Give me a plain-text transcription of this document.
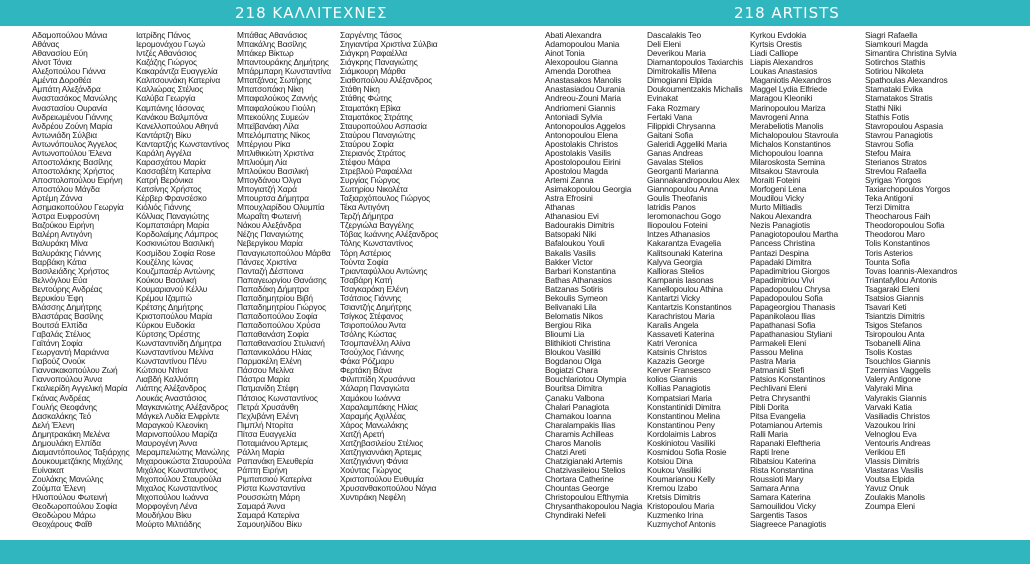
218 ΚΑΛΛΙΤΕΧΝΕΣ	218 ARTISTS
Αδαμοπούλου Μάνια
Αθάνας
Αθανασίου Εύη
Αίνοτ Τόνια
Αλεξοπούλου Γιάννα
Αμέντα Δοροθέα
Αμπάτη Αλεξάνδρα
Αναστασάκος Μανώλης
Αναστασίου Ουρανία
Ανδρειωμένου Γιάννης
Ανδρέου Ζούνη Μαρία
Αντωνιάδη Σύλβια
Αντωνόπουλος Άγγελος
Αντωνοπούλου Έλενα
Αποστολάκης Βασίλης
Αποστολάκης Χρήστος
Αποστολοπούλου Ειρήνη
Αποστόλου Μάγδα
Αρτέμη Ζάννα
Ασημακοπούλου Γεωργία
Άστρα Ευφροσύνη
Βαζούκου Ειρήνη
Βαλέρη Αντιγόνη
Βαλυράκη Μίνα
Βαλυράκης Γιάννης
Βαρβάκη Κάτια
Βασιλειάδης Χρήστος
Βελνόγλου Εύα
Βεντούρης Ανδρέας
Βερυκίου Έφη
Βλάσσης Δημήτρης
Βλαστάρας Βασίλης
Βουτσά Ελπίδα
Γαβαλάς Στέλιος
Γαϊτάνη Σοφία
Γεωργαντή Μαριάννα
Γιαβούζ Ονούκ
Γιαννακακοπούλου Ζωή
Γιαννοπούλου Άννα
Γκαλιερίδη Αγγελική Μαρία
Γκάνας Ανδρέας
Γουλής Θεοφάνης
Δασκαλάκης Τεό
Δελή Έλενη
Δημητρακάκη Μελένα
Δημουλάκη Ελπίδα
Διαμαντόπουλος Ταξιάρχης
Δουκουμετζάκης Μιχάλης
Ευίνακατ
Ζουλάκης Μανώλης
Ζούμπα Έλενη
Ηλιοπούλου Φωτεινή
Θεοδωροπούλου Σοφία
Θεοδώρου Μάρω
Θεοχάρους Φαΐθ
Ιατρίδης Πάνος
Ιερομονάχου Γωγώ
Ιντζές Αθανάσιος
Καζάζης Γιώργος
Κακαράντζα Ευαγγελία
Καλιτσουνάκη Κατερίνα
Καλλιώρας Στέλιος
Καλύβα Γεωργία
Καμπάνης Ιάσονας
Κανάκου Βαλμπόνα
Κανελλοπούλου Αθηνά
Καντάρτζη Βίκυ
Κανταρτζής Κωνσταντίνος
Καράλη Αγγέλα
Καρασχάτου Μαρία
Κασσαβέτη Κατερίνα
Κατρή Βερόνικα
Κατσίνης Χρήστος
Κέρβερ Φρανσέσκο
Κιόλιός Γιάννης
Κόλλιας Παναγιώτης
Κομπατσιάρη Μαρία
Κορδολαίμης Λάμπρος
Κοσκινιώτου Βασιλική
Κοσμίδου Σοφία Rose
Κουζέλης Ιώνας
Κουζμπασέρ Αντώνης
Κούκου Βασιλική
Κουμαριανού Κέλλυ
Κρέμου Ιζαμπώ
Κρέτσης Δημήτρης
Κριστοπούλου Μαρία
Κύρκου Ευδοκία
Κύρτσης Όρέστης
Κωνσταντινίδη Δήμητρα
Κωνσταντίνου Μελίνα
Κωνσταντίνου Πένυ
Κώτσιου Ντίνα
Λιαβδή Καλλιόπη
Λιάπης Αλέξανδρος
Λουκάς Αναστάσιος
Μαγκανιώτης Αλέξανδρος
Μάγκελ Λυδία Ελφρίντε
Μαραγκού Κλεονίκη
Μαρινοπούλου Μαρίζα
Μαυρογένη Άννα
Μεραμπελιώτης Μανώλης
Μιχαρουκώστα Σταυρούλα
Μιχάλος Κωνσταντίνος
Μιχοπούλου Σταυρούλα
Μιχαλος Κωνσταντίνος
Μιχοπούλου Ιωάννα
Μορφογένη Λένα
Μουδήλου Βίκυ
Μούρτο Μιλτιάδης
Μπάθας Αθανάσιος
Μπακάλης Βασίλης
Μπάκερ Βίκτωρ
Μπαντουράκης Δημήτρης
Μπάρμπαρη Κωνσταντίνα
Μπατζάνας Σωτήρης
Μπατσοπάκη Νίκη
Μπαφαλούκος Ζαννής
Μπαφαλούκου Γιούλη
Μπεκούλης Συμεών
Μπεϊβανάκη Λίλα
Μπελόμπατης Νίκος
Μπέργιου Ρίκα
Μπλιθικιώτη Χριστίνα
Μπλιούμη Λία
Μπλούκου Βασιλική
Μπογδάνου Όλγα
Μπογιατζή Χαρά
Μπουρτσα Δήμητρα
Μπουχλαρίδου Ολυμπία
Μωραΐτη Φωτεινή
Νάκου Αλεξάνδρα
Νέζης Παναγιώτης
Νεβεργίκου Μαρία
Παναγιωτοπούλου Μάρθα
Πάνσες Χριστίνα
Πανταζή Δέσποινα
Παπαγεωργίου Θανάσης
Παπαδάκη Δήμητρα
Παπαδημητρίου Βιβή
Παπαδημητρίου Γιώργος
Παπαδοπούλου Σοφία
Παπαδοπούλου Χρύσα
Παπαθανάση Σοφία
Παπαθανασίου Στυλιανή
Παπανικολάου Ηλίας
Παρμακέλη Ελένη
Πάσσου Μελίνα
Πάστρα Μαρία
Πατμανίδη Στέφη
Πάτσιος Κωνσταντίνος
Πετρά Χρυσάνθη
Πεχλιβάνη Ελένη
Πιμπλή Ντορίτα
Πίτσα Ευαγγελία
Ποταμιάνου Άρτεμις
Ράλλη Μαρία
Ραπανάκη Ελευθερία
Ράπτη Ειρήνη
Ριμπατσιού Κατερίνα
Ρίστα Κωνσταντίνα
Ρουσσιώτη Μάρη
Σαμαρά Άννα
Σαμαρά Κατερίνα
Σαμουηλίδου Βίκυ
Σαργέντης Τάσος
Σηγιαντίρα Χριστίνα Σύλβια
Σιάγκρη Ραφαέλλα
Σιάγκρης Παναγιώτης
Σιάμκουρη Μάρθα
Σιαθοπούλου Αλέξανδρος
Στάθη Νίκη
Στάθης Φώτης
Σταματάκη Εβίκα
Σταματάκος Στράτης
Σταυροπούλου Ασπασία
Σταύρου Παναγιώτης
Σταύρου Σοφία
Στεριανός Στράτος
Στέφου Μάιρα
Στρεβλού Ραφαέλλα
Συργίας Γιώργος
Σωτηρίου Νικολέτα
Ταξιαρχόπουλος Γιώργος
Τέκα Αντιγόνη
Τερζή Δήμητρα
Τζεργιώλα Βαγγέλης
Τόβας Ιωάννης Αλέξανδρος
Τόλης Κωνσταντίνος
Τόρη Αστέριος
Τούντα Σοφία
Τριανταφύλλου Αντώνης
Τσαβάρη Κατή
Τσαγκαράκη Ελένη
Τσάτσιος Γιάννης
Τσιαντζής Δημήτρης
Τσίγκος Στέφανος
Τσιροπούλου Άντα
Τσόλης Κώστας
Τσομπανέλλη Αλίνα
Τσούχλος Γιάννης
Φάκα Ρόζμαρυ
Φερτάκη Βάνα
Φιλιππίδη Χρυσάννα
Χάλαρη Παναγιώτα
Χαμάκου Ιωάννα
Χαραλαμπάκης Ηλίας
Χαραμής Αχιλλέας
Χάρος Μανωλάκης
Χατζή Αρετή
Χατζηβασιλείου Στέλιος
Χατζηγιαννάκη Άρτεμις
Χατζηγιάννη Φάνια
Χούντας Γιώργος
Χριστοπούλου Ευθυμία
Χρυσανθακοπούλου Νάγια
Χυντιράκη Νεφέλη
Abati Alexandra
Adamopoulou Mania
Ainot Tonia
Alexopoulou Gianna
Amenda Dorothea
Anastasakos Manolis
Anastasiadou Ourania
Andreou-Zouni Maria
Andriomeni Giannis
Antoniadi Sylvia
Antonopoulos Aggelos
Antonopoulou Elena
Apostolakis Christos
Apostolakis Vasilis
Apostolopoulou Eirini
Apostolou Magda
Artemi Zanna
Asimakopoulou Georgia
Astra Efrosini
Athanas
Athanasiou Evi
Badourakis Dimitris
Batsopaki Niki
Bafaloukou Youli
Bakalis Vasilis
Bakker Victor
Barbari Konstantina
Bathas Athanasios
Batzanas Sotiris
Bekoulis Symeon
Belivanaki Lila
Belomatis Nikos
Bergiou Rika
Blioumi Lia
Blithikioti Christina
Bloukou Vasiliki
Bogdanou Olga
Bogiatzi Chara
Bouchlariotou Olympia
Bouritsa Dimitra
Çanaku Valbona
Chalari Panagiota
Chamakou Ioanna
Charalampakis Ilias
Charamis Achilleas
Charos Manolis
Chatzi Areti
Chatzigianaki Artemis
Chatzivasileiou Stelios
Chortara Catherine
Chountas George
Christopoulou Efthymia
Chrysanthakopoulou Nagia
Chyndiraki Nefeli
Dascalakis Teo
Deli Eleni
Deverikou Maria
Diamantopoulos Taxiarchis
Dimitrokallis Milena
Dimogianni Elpida
Doukoumentzakis Michalis
Evinakat
Faka Rozmary
Fertaki Vana
Filippidi Chrysanna
Gaitani Sofia
Galeridi Aggeliki Maria
Ganas Andreas
Gavalas Stelios
Georganti Marianna
Giannakandropoulou Alex
Giannopoulou Anna
Goulis Theofanis
Iatridis Panos
Ieromonachou Gogo
Iliopoulou Foteini
Intzes Athanasios
Kakarantza Evagelia
Kalitsounaki Katerina
Kalyva Georgia
Kallioras Stelios
Kampanis Iasonas
Kanellopoulou Athina
Kantartzi Vicky
Kantartzis Konstantinos
Karachristou Maria
Karalis Angela
Kassaveti Katerina
Katri Veronica
Katsinis Christos
Kazazis George
Kerver Fransesco
kolios Giannis
Kollias Panagiotis
Kompatsiari Maria
Konstantinidi Dimitra
Konstantinou Melina
Konstantinou Peny
Kordolaimis Labros
Koskiniotou Vasiliki
Kosmidou Sofia Rosie
Kotsiou Dina
Koukou Vasiliki
Koumarianou Kelly
Kremou Izabo
Kretsis Dimitris
Kristopoulou Maria
Kuzmenko Irina
Kuzmychof Antonis
Kyrkou Evdokia
Kyrtsis Orestis
Liadi Calliope
Liapis Alexandros
Loukas Anastasios
Maganiotis Alexandros
Maggel Lydia Elfriede
Maragou Kleoniki
Marinopoulou Mariza
Mavrogeni Anna
Merabeliotis Manolis
Michalopoulou Stavroula
Michalos Konstantinos
Michopoulou Ioanna
Milaroskosta Semina
Mitsakou Stavroula
Moraiti Foteini
Morfogeni Lena
Moudilou Vicky
Murto Miltiadis
Nakou Alexandra
Nezis Panagiotis
Panagiotopoulou Martha
Pancess Christina
Pantazi Despina
Papadaki Dimitra
Papadimitriou Giorgos
Papadimitriou Vivi
Papadopoulou Chrysa
Papadopoulou Sofia
Papageorgiou Thanasis
Papanikolaou Ilias
Papathanasi Sofia
Papathanasiou Styliani
Parmakeli Eleni
Passou Melina
Pastra Maria
Patmanidi Stefi
Patsios Konstantinos
Pechlivani Eleni
Petra Chrysanthi
Pibli Dorita
Pitsa Evangelia
Potamianou Artemis
Ralli Maria
Rapanaki Eleftheria
Rapti Irene
Ribatsiou Katerina
Rista Konstantina
Roussioti Mary
Samara Anna
Samara Katerina
Samouilidou Vicky
Sargentis Tasos
Siagreece Panagiotis
Siagri Rafaella
Siamkouri Magda
Simantira Christina Sylvia
Sotirchos Stathis
Sotiriou Nikoleta
Spathoulas Alexandros
Stamataki Evika
Stamatakos Stratis
Stathi Niki
Stathis Fotis
Stavropoulou Aspasia
Stavrou Panagiotis
Stavrou Sofia
Stefou Maira
Sterianos Stratos
Strevlou Rafaella
Syrigas Yiorgos
Taxiarchopoulos Yorgos
Teka Antigoni
Terzi Dimitra
Theocharous Faih
Theodoropoulou Sofia
Theodorou Maro
Tolis Konstantinos
Toris Asterios
Tounta Sofia
Tovas Ioannis-Alexandros
Triantafyllou Antonis
Tsagaraki Eleni
Tsatsios Giannis
Tsavari Keti
Tsiantzis Dimitris
Tsigos Stefanos
Tsiropoulou Anta
Tsobanelli Alina
Tsolis Kostas
Tsouchlos Giannis
Tzermias Vaggelis
Valery Antigone
Valyraki Mina
Valyrakis Giannis
Varvaki Katia
Vasiliadis Christos
Vazoukou Irini
Velnoglou Eva
Ventouris Andreas
Verikiou Efi
Vlassis Dimitris
Vlastaras Vasilis
Voutsa Elpida
Yavuz Onuk
Zoulakis Manolis
Zoumpa Eleni
